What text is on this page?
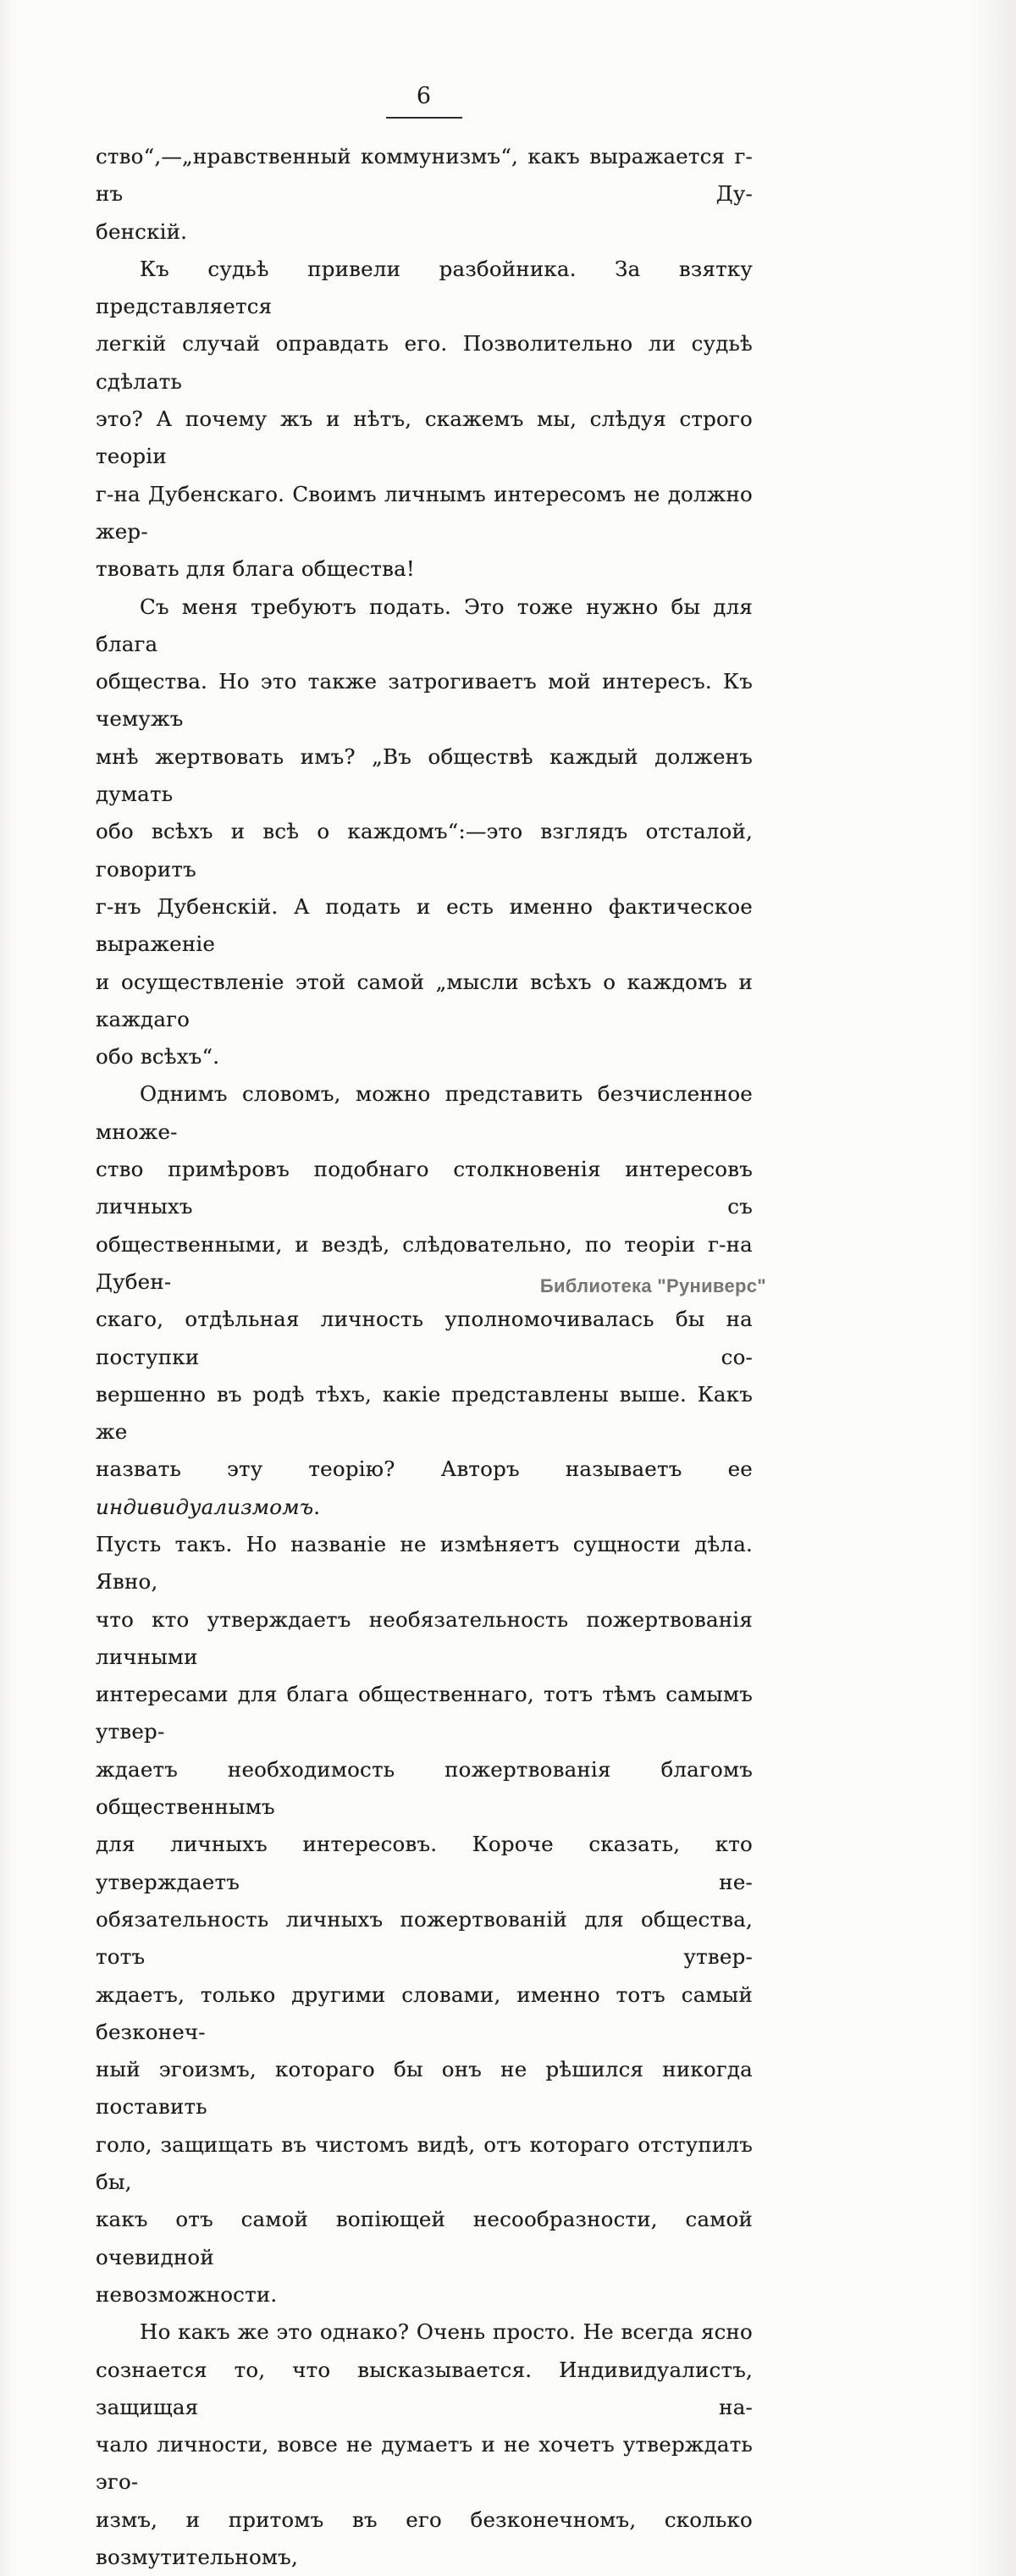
6
ство“,—„нравственный коммунизмъ“, какъ выражается г-нъ Ду-
бенскій.
Къ судьѣ привели разбойника. За взятку представляется
легкій случай оправдать его. Позволительно ли судьѣ сдѣлать
это? А почему жъ и нѣтъ, скажемъ мы, слѣдуя строго теоріи
г-на Дубенскаго. Своимъ личнымъ интересомъ не должно жер-
твовать для блага общества!
Съ меня требуютъ подать. Это тоже нужно бы для блага
общества. Но это также затрогиваетъ мой интересъ. Къ чемужъ
мнѣ жертвовать имъ? „Въ обществѣ каждый долженъ думать
обо всѣхъ и всѣ о каждомъ“:—это взглядъ отсталой, говоритъ
г-нъ Дубенскій. А подать и есть именно фактическое выраженіе
и осуществленіе этой самой „мысли всѣхъ о каждомъ и каждаго
обо всѣхъ“.
Однимъ словомъ, можно представить безчисленное множе-
ство примѣровъ подобнаго столкновенія интересовъ личныхъ съ
общественными, и вездѣ, слѣдовательно, по теоріи г-на Дубен-
скаго, отдѣльная личность уполномочивалась бы на поступки со-
вершенно въ родѣ тѣхъ, какіе представлены выше. Какъ же
назвать эту теорію? Авторъ называетъ ее индивидуализмомъ.
Пусть такъ. Но названіе не измѣняетъ сущности дѣла. Явно,
что кто утверждаетъ необязательность пожертвованія личными
интересами для блага общественнаго, тотъ тѣмъ самымъ утвер-
ждаетъ необходимость пожертвованія благомъ общественнымъ
для личныхъ интересовъ. Короче сказать, кто утверждаетъ не-
обязательность личныхъ пожертвованій для общества, тотъ утвер-
ждаетъ, только другими словами, именно тотъ самый безконеч-
ный эгоизмъ, котораго бы онъ не рѣшился никогда поставить
голо, защищать въ чистомъ видѣ, отъ котораго отступилъ бы,
какъ отъ самой вопіющей несообразности, самой очевидной
невозможности.
Но какъ же это однако? Очень просто. Не всегда ясно
сознается то, что высказывается. Индивидуалистъ, защищая на-
чало личности, вовсе не думаетъ и не хочетъ утверждать эго-
измъ, и притомъ въ его безконечномъ, сколько возмутительномъ,
Библиотека "Руниверс"
